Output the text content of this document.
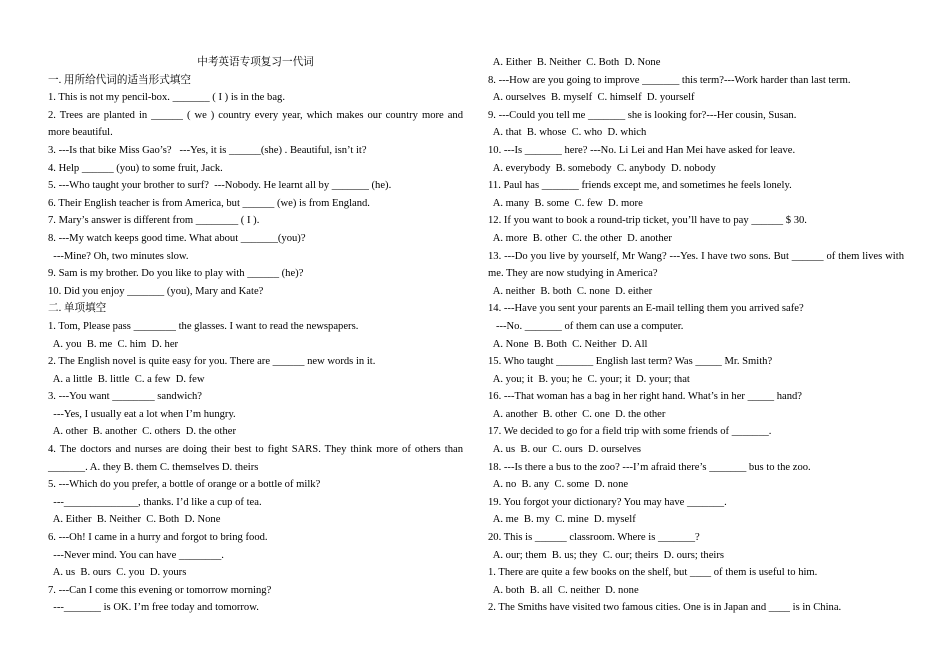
中考英语专项复习一代词
一. 用所给代词的适当形式填空
1. This is not my pencil-box. _______ ( I ) is in the bag.
2. Trees are planted in ______ ( we ) country every year, which makes our country more and more beautiful.
3. ---Is that bike Miss Gao’s?   ---Yes, it is ______(she) . Beautiful, isn’t it?
4. Help ______ (you) to some fruit, Jack.
5. ---Who taught your brother to surf?  ---Nobody. He learnt all by _______ (he).
6. Their English teacher is from America, but ______ (we) is from England.
7. Mary’s answer is different from ________ ( I ).
8. ---My watch keeps good time. What about _______(you)?
---Mine? Oh, two minutes slow.
9. Sam is my brother. Do you like to play with ______ (he)?
10. Did you enjoy _______ (you), Mary and Kate?
二. 单项填空
1. Tom, Please pass ________ the glasses. I want to read the newspapers.
A. you  B. me  C. him  D. her
2. The English novel is quite easy for you. There are ______ new words in it.
A. a little  B. little  C. a few  D. few
3. ---You want ________ sandwich?
---Yes, I usually eat a lot when I’m hungry.
A. other  B. another  C. others  D. the other
4. The doctors and nurses are doing their best to fight SARS. They think more of others than _______. A. they B. them C. themselves D. theirs
5. ---Which do you prefer, a bottle of orange or a bottle of milk?
---______________, thanks. I’d like a cup of tea.
A. Either  B. Neither  C. Both  D. None
6. ---Oh! I came in a hurry and forgot to bring food.
---Never mind. You can have ________.
A. us  B. ours  C. you  D. yours
7. ---Can I come this evening or tomorrow morning?
---_______ is OK. I’m free today and tomorrow.
A. Either  B. Neither  C. Both  D. None
8. ---How are you going to improve _______ this term?---Work harder than last term.
A. ourselves  B. myself  C. himself  D. yourself
9. ---Could you tell me _______ she is looking for?---Her cousin, Susan.
A. that  B. whose  C. who  D. which
10. ---Is _______ here? ---No. Li Lei and Han Mei have asked for leave.
A. everybody  B. somebody  C. anybody  D. nobody
11. Paul has _______ friends except me, and sometimes he feels lonely.
A. many  B. some  C. few  D. more
12. If you want to book a round-trip ticket, you’ll have to pay ______ $ 30.
A. more  B. other  C. the other  D. another
13. ---Do you live by yourself, Mr Wang? ---Yes. I have two sons. But ______ of them lives with me. They are now studying in America?
A. neither  B. both  C. none  D. either
14. ---Have you sent your parents an E-mail telling them you arrived safe?
---No. _______ of them can use a computer.
A. None  B. Both  C. Neither  D. All
15. Who taught _______ English last term? Was _____ Mr. Smith?
A. you; it  B. you; he  C. your; it  D. your; that
16. ---That woman has a bag in her right hand. What’s in her _____ hand?
A. another  B. other  C. one  D. the other
17. We decided to go for a field trip with some friends of _______.
A. us  B. our  C. ours  D. ourselves
18. ---Is there a bus to the zoo? ---I’m afraid there’s _______ bus to the zoo.
A. no  B. any  C. some  D. none
19. You forgot your dictionary? You may have _______.
A. me  B. my  C. mine  D. myself
20. This is ______ classroom. Where is _______?
A. our; them  B. us; they  C. our; theirs  D. ours; theirs
1. There are quite a few books on the shelf, but ____ of them is useful to him.
A. both  B. all  C. neither  D. none
2. The Smiths have visited two famous cities. One is in Japan and ____ is in China.
